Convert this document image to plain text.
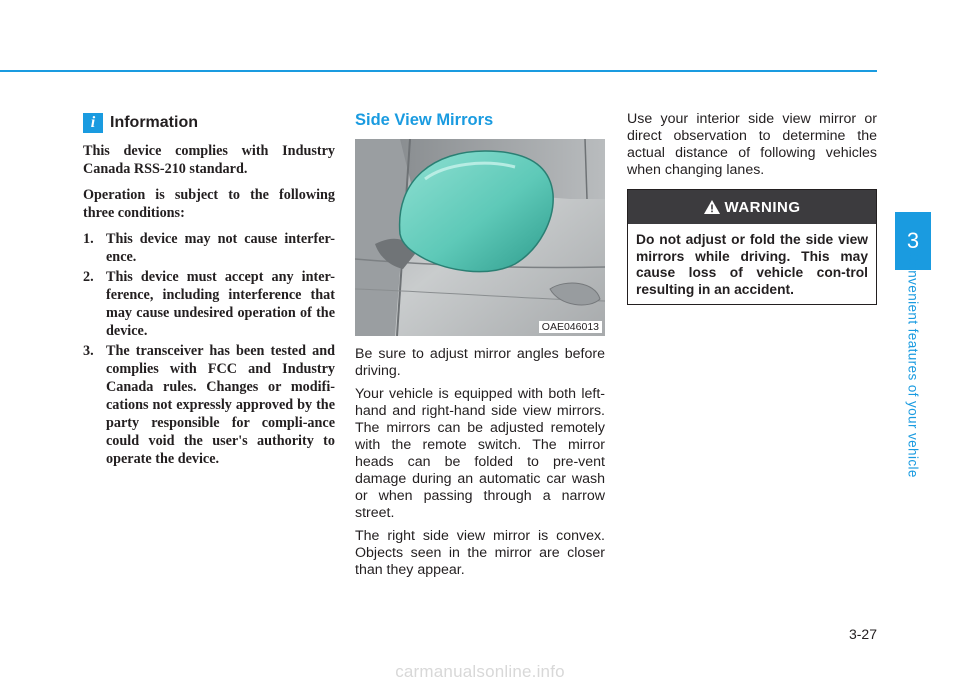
3
Convenient features of your vehicle
i Information

This device complies with Industry Canada RSS-210 standard.

Operation is subject to the following three conditions:

1. This device may not cause interfer-ence.
2. This device must accept any inter-ference, including interference that may cause undesired operation of the device.
3. The transceiver has been tested and complies with FCC and Industry Canada rules. Changes or modifi-cations not expressly approved by the party responsible for compli-ance could void the user's authority to operate the device.
Side View Mirrors
OAE046013

Be sure to adjust mirror angles before driving.

Your vehicle is equipped with both left-hand and right-hand side view mirrors. The mirrors can be adjusted remotely with the remote switch. The mirror heads can be folded to pre-vent damage during an automatic car wash or when passing through a narrow street.

The right side view mirror is convex. Objects seen in the mirror are closer than they appear.

Use your interior side view mirror or direct observation to determine the actual distance of following vehicles when changing lanes.

WARNING
Do not adjust or fold the side view mirrors while driving. This may cause loss of vehicle con-trol resulting in an accident.
3-27
carmanualsonline.info
